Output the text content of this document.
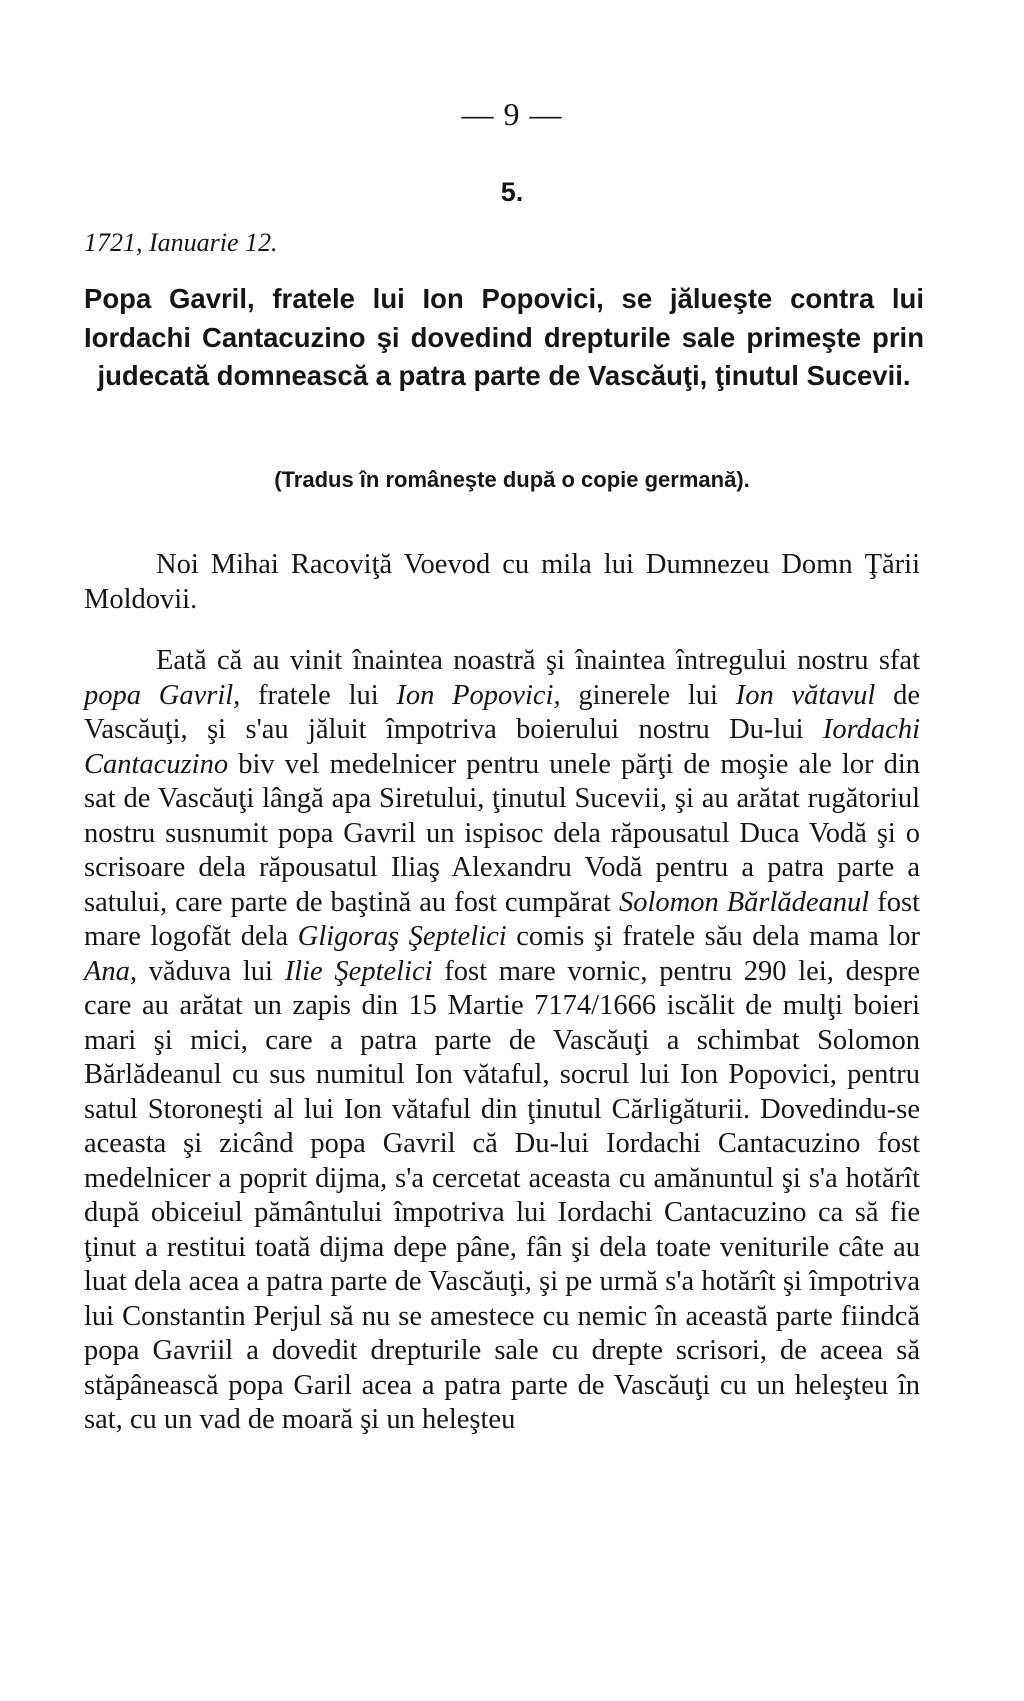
— 9 —
5.
1721, Ianuarie 12.
Popa Gavril, fratele lui Ion Popovici, se jălueşte contra lui Iordachi Cantacuzino şi dovedind drepturile sale primeşte prin judecată domnească a patra parte de Vascăuţi, ţinutul Sucevii.
(Tradus în româneşte după o copie germană).

Noi Mihai Racoviţă Voevod cu mila lui Dumnezeu Domn Ţării Moldovii.

Eată că au vinit înaintea noastră şi înaintea întregului nostru sfat popa Gavril, fratele lui Ion Popovici, ginerele lui Ion vătavul de Vascăuţi, şi s'au jăluit împotriva boierului nostru Du-lui Iordachi Cantacuzino biv vel medelnicer pentru unele părţi de moşie ale lor din sat de Vascăuţi lângă apa Siretului, ţinutul Sucevii, şi au arătat rugătoriul nostru susnumit popa Gavril un ispisoc dela răpousatul Duca Vodă şi o scrisoare dela răpousatul Iliaş Alexandru Vodă pentru a patra parte a satului, care parte de baştină au fost cumpărat Solomon Bărlădeanul fost mare logofăt dela Gligoraş Şeptelici comis şi fratele său dela mama lor Ana, văduva lui Ilie Şeptelici fost mare vornic, pentru 290 lei, despre care au arătat un zapis din 15 Martie 7174/1666 iscălit de mulţi boieri mari şi mici, care a patra parte de Vascăuţi a schimbat Solomon Bărlădeanul cu sus numitul Ion vătaful, socrul lui Ion Popovici, pentru satul Storoneşti al lui Ion vătaful din ţinutul Cărligăturii. Dovedindu-se aceasta şi zicând popa Gavril că Du-lui Iordachi Cantacuzino fost medelnicer a poprit dijma, s'a cercetat aceasta cu amănuntul şi s'a hotărît după obiceiul pământului împotriva lui Iordachi Cantacuzino ca să fie ţinut a restitui toată dijma depe pâne, fân şi dela toate veniturile câte au luat dela acea a patra parte de Vascăuţi, şi pe urmă s'a hotărît şi împotriva lui Constantin Perjul să nu se amestece cu nemic în această parte fiindcă popa Gavriil a dovedit drepturile sale cu drepte scrisori, de aceea să stăpânească popa Garil acea a patra parte de Vascăuţi cu un heleşteu în sat, cu un vad de moară şi un heleşteu
